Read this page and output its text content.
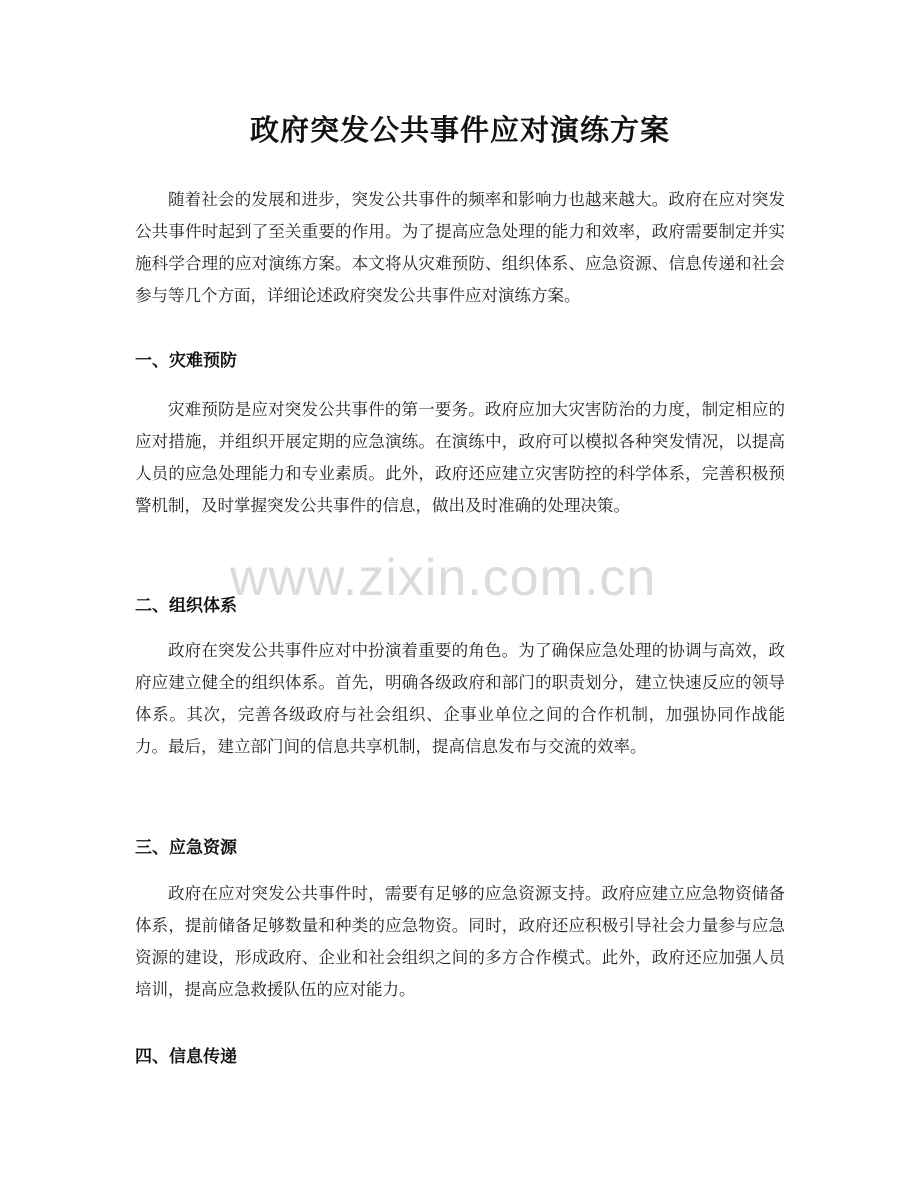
政府突发公共事件应对演练方案
随着社会的发展和进步，突发公共事件的频率和影响力也越来越大。政府在应对突发公共事件时起到了至关重要的作用。为了提高应急处理的能力和效率，政府需要制定并实施科学合理的应对演练方案。本文将从灾难预防、组织体系、应急资源、信息传递和社会参与等几个方面，详细论述政府突发公共事件应对演练方案。
一、灾难预防
灾难预防是应对突发公共事件的第一要务。政府应加大灾害防治的力度，制定相应的应对措施，并组织开展定期的应急演练。在演练中，政府可以模拟各种突发情况，以提高人员的应急处理能力和专业素质。此外，政府还应建立灾害防控的科学体系，完善积极预警机制，及时掌握突发公共事件的信息，做出及时准确的处理决策。
二、组织体系
政府在突发公共事件应对中扮演着重要的角色。为了确保应急处理的协调与高效，政府应建立健全的组织体系。首先，明确各级政府和部门的职责划分，建立快速反应的领导体系。其次，完善各级政府与社会组织、企事业单位之间的合作机制，加强协同作战能力。最后，建立部门间的信息共享机制，提高信息发布与交流的效率。
三、应急资源
政府在应对突发公共事件时，需要有足够的应急资源支持。政府应建立应急物资储备体系，提前储备足够数量和种类的应急物资。同时，政府还应积极引导社会力量参与应急资源的建设，形成政府、企业和社会组织之间的多方合作模式。此外，政府还应加强人员培训，提高应急救援队伍的应对能力。
四、信息传递
www.zixin.com.cn
